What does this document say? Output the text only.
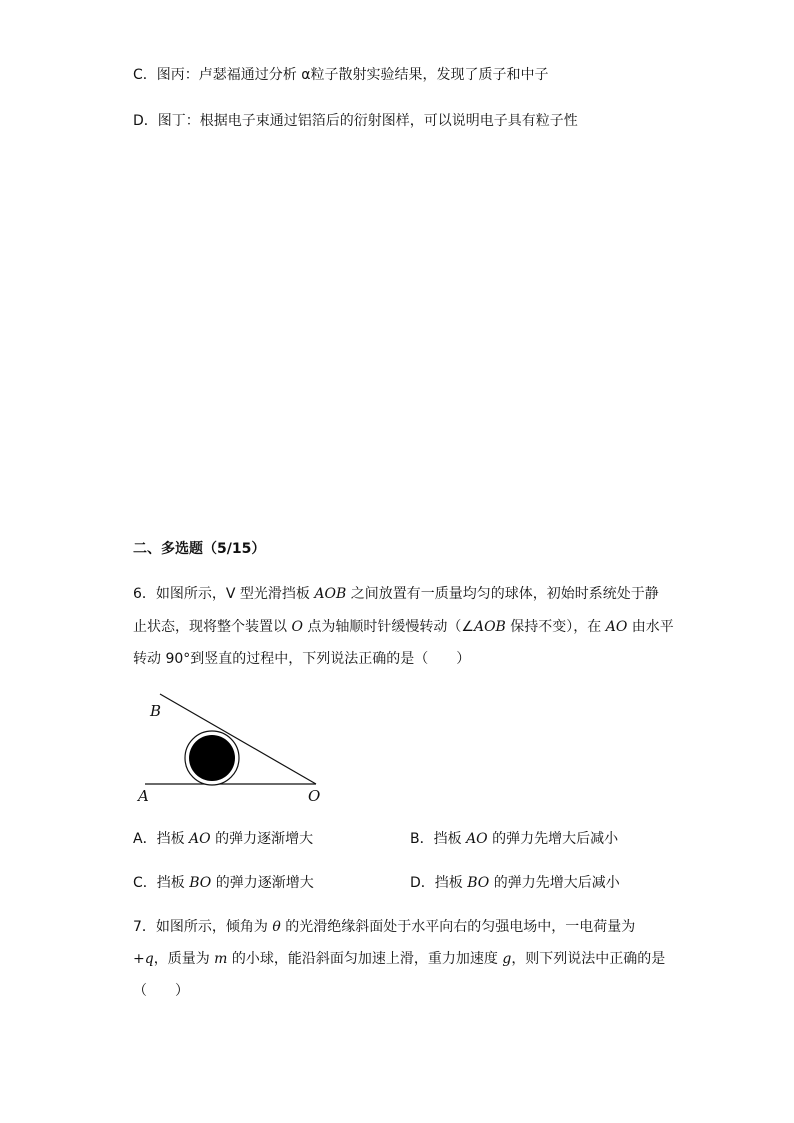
C．图丙：卢瑟福通过分析 α粒子散射实验结果，发现了质子和中子
D．图丁：根据电子束通过铝箔后的衍射图样，可以说明电子具有粒子性
二、多选题（5/15）
6．如图所示，V 型光滑挡板 AOB 之间放置有一质量均匀的球体，初始时系统处于静
止状态，现将整个装置以 O 点为轴顺时针缓慢转动（∠AOB 保持不变），在 AO 由水平
转动 90°到竖直的过程中，下列说法正确的是（　　）
B
A	O
A．挡板 AO 的弹力逐渐增大	B．挡板 AO 的弹力先增大后减小
C．挡板 BO 的弹力逐渐增大	D．挡板 BO 的弹力先增大后减小
7．如图所示，倾角为 θ 的光滑绝缘斜面处于水平向右的匀强电场中，一电荷量为
+q，质量为 m 的小球，能沿斜面匀加速上滑，重力加速度 g，则下列说法中正确的是
（　　）
